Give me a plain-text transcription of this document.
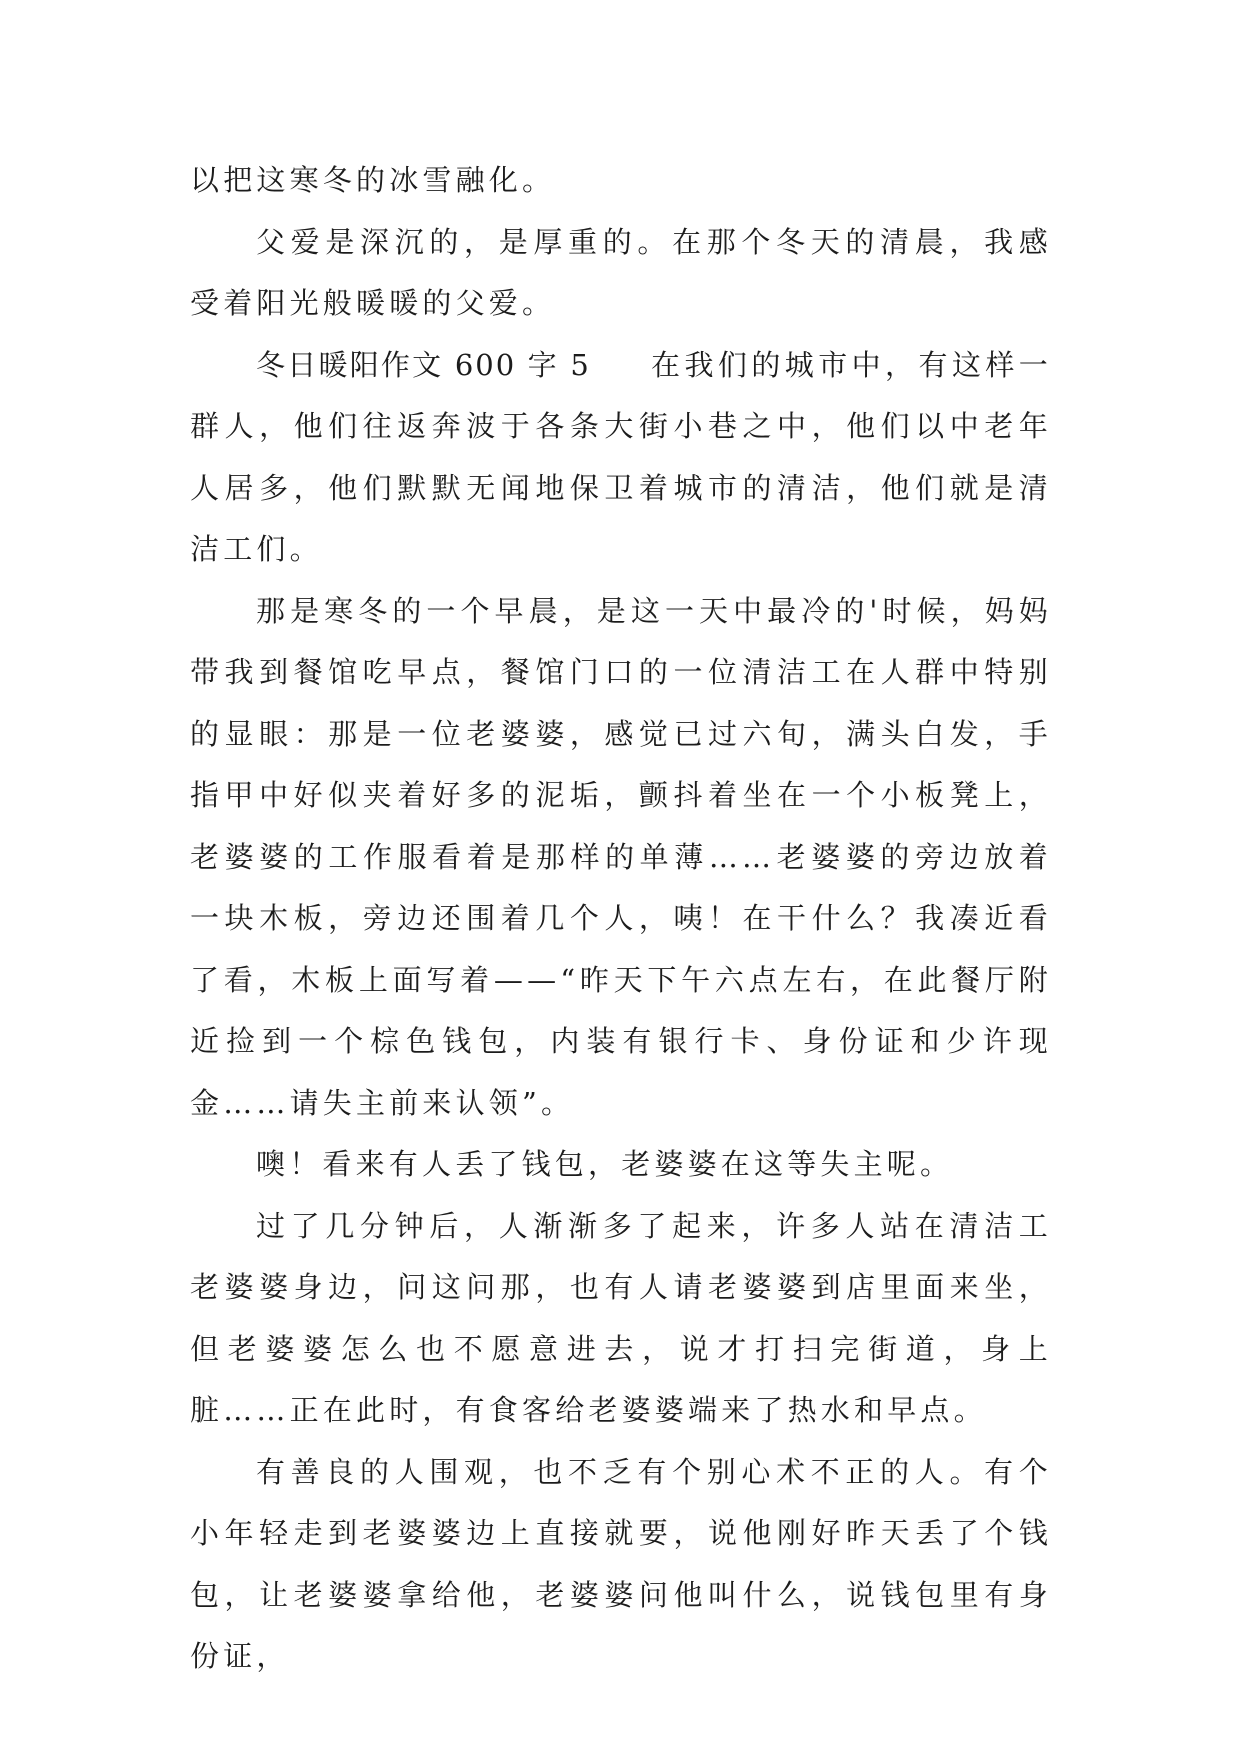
以把这寒冬的冰雪融化。

父爱是深沉的，是厚重的。在那个冬天的清晨，我感受着阳光般暖暖的父爱。

冬日暖阳作文 600 字 5 在我们的城市中，有这样一群人，他们往返奔波于各条大街小巷之中，他们以中老年人居多，他们默默无闻地保卫着城市的清洁，他们就是清洁工们。

那是寒冬的一个早晨，是这一天中最冷的'时候，妈妈带我到餐馆吃早点，餐馆门口的一位清洁工在人群中特别的显眼：那是一位老婆婆，感觉已过六旬，满头白发，手指甲中好似夹着好多的泥垢，颤抖着坐在一个小板凳上，老婆婆的工作服看着是那样的单薄……老婆婆的旁边放着一块木板，旁边还围着几个人，咦！在干什么？我凑近看了看，木板上面写着——“昨天下午六点左右，在此餐厅附近捡到一个棕色钱包，内装有银行卡、身份证和少许现金……请失主前来认领”。

噢！看来有人丢了钱包，老婆婆在这等失主呢。

过了几分钟后，人渐渐多了起来，许多人站在清洁工老婆婆身边，问这问那，也有人请老婆婆到店里面来坐，但老婆婆怎么也不愿意进去，说才打扫完街道，身上脏……正在此时，有食客给老婆婆端来了热水和早点。

有善良的人围观，也不乏有个别心术不正的人。有个小年轻走到老婆婆边上直接就要，说他刚好昨天丢了个钱包，让老婆婆拿给他，老婆婆问他叫什么，说钱包里有身份证，
